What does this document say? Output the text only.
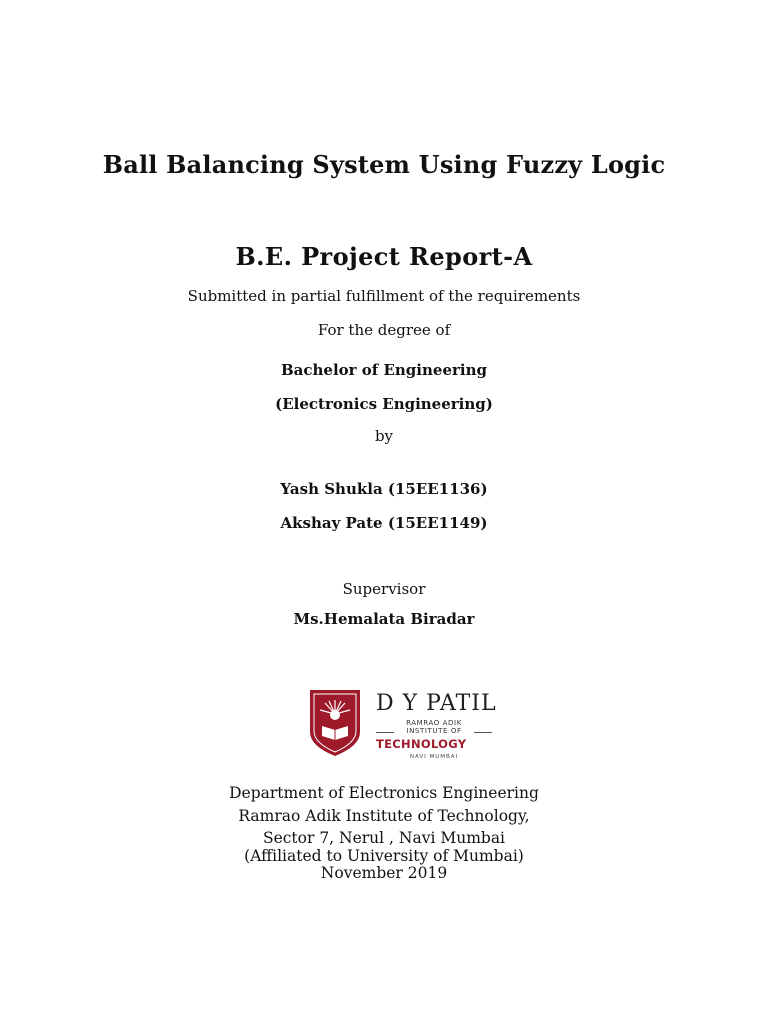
Ball Balancing System Using Fuzzy Logic
B.E. Project Report-A
Submitted in partial fulfillment of the requirements
For the degree of
Bachelor of Engineering
(Electronics Engineering)
by
Yash Shukla (15EE1136)
Akshay Pate (15EE1149)
Supervisor
Ms.Hemalata Biradar
D Y PATIL
RAMRAO ADIK
INSTITUTE OF
TECHNOLOGY
NAVI MUMBAI
Department of Electronics Engineering
Ramrao Adik Institute of Technology,
Sector 7, Nerul , Navi Mumbai
(Affiliated to University of Mumbai)
November 2019
